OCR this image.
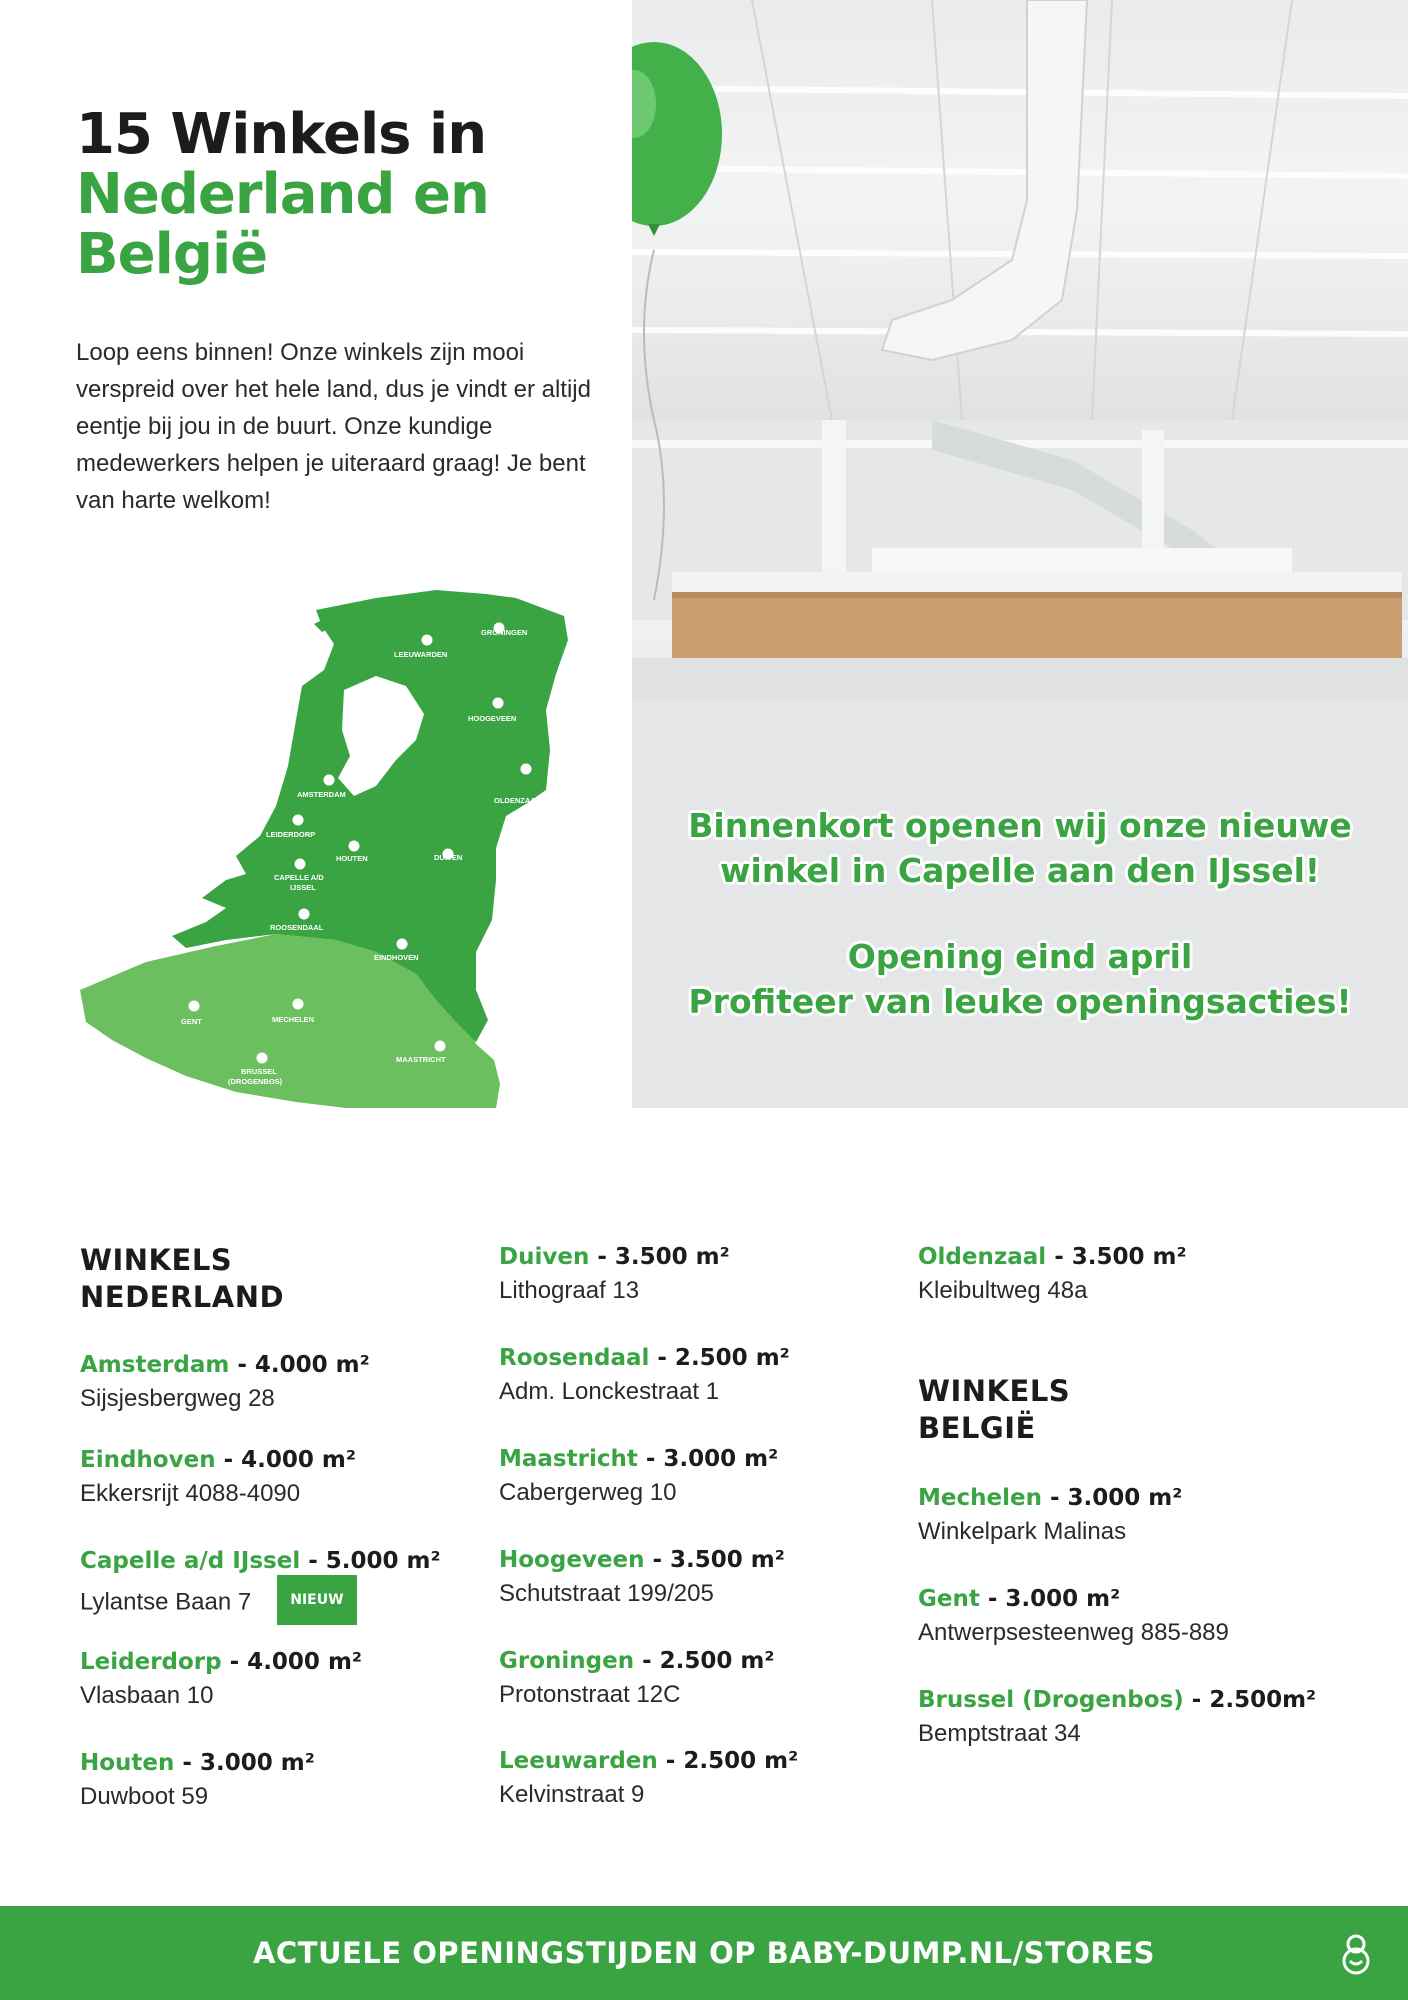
15 Winkels in
Nederland en
België
Loop eens binnen! Onze winkels zijn mooi verspreid over het hele land, dus je vindt er altijd eentje bij jou in de buurt. Onze kundige medewerkers helpen je uiteraard graag! Je bent van harte welkom!
GRONINGEN
LEEUWARDEN
HOOGEVEEN
AMSTERDAM
OLDENZAAL
LEIDERDORP
HOUTEN	DUIVEN
CAPELLE A/D
IJSSEL
ROOSENDAAL
EINDHOVEN
GENT	MECHELEN
BRUSSEL
(DROGENBOS)
MAASTRICHT
Binnenkort openen wij onze nieuwe
winkel in Capelle aan den IJssel!
Opening eind april
Profiteer van leuke openingsacties!
WINKELS
NEDERLAND
Amsterdam - 4.000 m²
Sijsjesbergweg 28
Eindhoven - 4.000 m²
Ekkersrijt 4088-4090
Capelle a/d IJssel - 5.000 m²
Lylantse Baan 7	NIEUW
Leiderdorp - 4.000 m²
Vlasbaan 10
Houten - 3.000 m²
Duwboot 59
Duiven - 3.500 m²
Lithograaf 13
Roosendaal - 2.500 m²
Adm. Lonckestraat 1
Maastricht - 3.000 m²
Cabergerweg 10
Hoogeveen - 3.500 m²
Schutstraat 199/205
Groningen - 2.500 m²
Protonstraat 12C
Leeuwarden - 2.500 m²
Kelvinstraat 9
Oldenzaal - 3.500 m²
Kleibultweg 48a
WINKELS
BELGIË
Mechelen - 3.000 m²
Winkelpark Malinas
Gent - 3.000 m²
Antwerpsesteenweg 885-889
Brussel (Drogenbos) - 2.500m²
Bemptstraat 34
ACTUELE OPENINGSTIJDEN OP BABY-DUMP.NL/STORES
